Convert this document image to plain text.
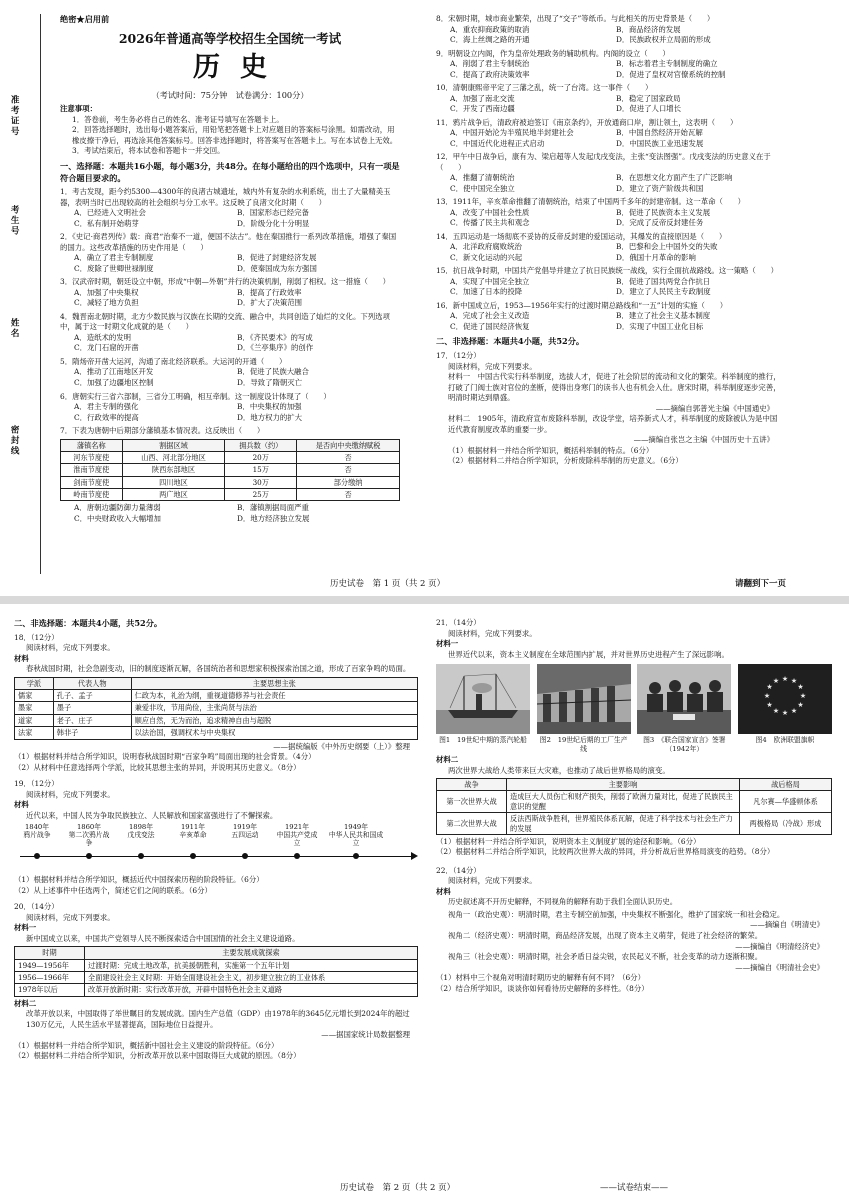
准考证号
考生号
姓名
密封线
绝密★启用前
2026年普通高等学校招生全国统一考试
历史
（考试时间：75分钟　试卷满分：100分）
注意事项：
1．答卷前，考生务必将自己的姓名、准考证号填写在答题卡上。
2．回答选择题时，选出每小题答案后，用铅笔把答题卡上对应题目的答案标号涂黑。如需改动，用橡皮擦干净后，再选涂其他答案标号。回答非选择题时，将答案写在答题卡上。写在本试卷上无效。
3．考试结束后，将本试卷和答题卡一并交回。
一、选择题：本题共16小题，每小题3分，共48分。在每小题给出的四个选项中，只有一项是符合题目要求的。
1．考古发现，距今约5300—4300年的良渚古城遗址，城内外有复杂的水利系统，出土了大量精美玉器，表明当时已出现较高的社会组织与分工水平。这反映了良渚文化时期（　　）
A．已经进入文明社会	B．国家形态已经完备
C．私有制开始萌芽	D．阶级分化十分明显
2．《史记·商君列传》载：商君“治秦不一道，便国不法古”。他在秦国推行一系列改革措施，增强了秦国的国力。这些改革措施的历史作用是（　　）
A．确立了君主专制制度	B．促进了封建经济发展
C．废除了世卿世禄制度	D．使秦国成为东方强国
3．汉武帝时期，朝廷设立中朝，形成“中朝—外朝”并行的决策机制，削弱了相权。这一措施（　　）
A．加强了中央集权	B．提高了行政效率
C．减轻了地方负担	D．扩大了决策范围
4．魏晋南北朝时期，北方少数民族与汉族在长期的交流、融合中，共同创造了灿烂的文化。下列选项中，属于这一时期文化成就的是（　　）
A．造纸术的发明	B．《齐民要术》的写成
C．龙门石窟的开凿	D．《兰亭集序》的创作
5．隋炀帝开凿大运河，沟通了南北经济联系。大运河的开通（　　）
A．推动了江南地区开发	B．促进了民族大融合
C．加强了边疆地区控制	D．导致了隋朝灭亡
6．唐朝实行三省六部制，三省分工明确，相互牵制。这一制度设计体现了（　　）
A．君主专制的强化	B．中央集权的加强
C．行政效率的提高	D．地方权力的扩大
7．下表为唐朝中后期部分藩镇基本情况表。这反映出（　　）
藩镇名称	割据区域	拥兵数（约）	是否向中央缴纳赋税
河东节度使	山西、河北部分地区	20万	否
淮南节度使	陕西东部地区	15万	否
剑南节度使	四川地区	30万	部分缴纳
岭南节度使	两广地区	25万	否
A．唐朝边疆防御力量薄弱	B．藩镇割据局面严重
C．中央财政收入大幅增加	D．地方经济独立发展
8．宋朝时期，城市商业繁荣，出现了“交子”等纸币。与此相关的历史背景是（　　）
A．重农抑商政策的取消	B．商品经济的发展
C．海上丝绸之路的开通	D．民族政权并立局面的形成
9．明朝设立内阁，作为皇帝处理政务的辅助机构。内阁的设立（　　）
A．削弱了君主专制统治	B．标志着君主专制制度的确立
C．提高了政府决策效率	D．促进了皇权对官僚系统的控制
10．清朝康熙帝平定了三藩之乱，统一了台湾。这一事件（　　）
A．加强了南北交流	B．稳定了国家政局
C．开发了西南边疆	D．促进了人口增长
11．鸦片战争后，清政府被迫签订《南京条约》，开放通商口岸，割让领土，这表明（　　）
A．中国开始沦为半殖民地半封建社会	B．中国自然经济开始瓦解
C．中国近代化进程正式启动	D．中国民族工业迅速发展
12．甲午中日战争后，康有为、梁启超等人发起戊戌变法，主张“变法图强”。戊戌变法的历史意义在于（　　）
A．推翻了清朝统治	B．在思想文化方面产生了广泛影响
C．使中国完全独立	D．建立了资产阶级共和国
13．1911年，辛亥革命推翻了清朝统治，结束了中国两千多年的封建帝制。这一革命（　　）
A．改变了中国社会性质	B．促进了民族资本主义发展
C．传播了民主共和观念	D．完成了反帝反封建任务
14．五四运动是一场彻底不妥协的反帝反封建的爱国运动，其爆发的直接原因是（　　）
A．北洋政府腐败统治	B．巴黎和会上中国外交的失败
C．新文化运动的兴起	D．俄国十月革命的影响
15．抗日战争时期，中国共产党倡导并建立了抗日民族统一战线，实行全面抗战路线。这一策略（　　）
A．实现了中国完全独立	B．促进了国共两党合作抗日
C．加速了日本的投降	D．建立了人民民主专政制度
16．新中国成立后，1953—1956年实行的过渡时期总路线和“一五”计划的实施（　　）
A．完成了社会主义改造	B．建立了社会主义基本制度
C．促进了国民经济恢复	D．实现了中国工业化目标
二、非选择题：本题共4小题，共52分。
17．（12分）
阅读材料，完成下列要求。
材料一　中国古代实行科举制度，选拔人才，促进了社会阶层的流动和文化的繁荣。科举制度的推行，打破了门阀士族对官位的垄断，使得出身寒门的读书人也有机会入仕。唐宋时期，科举制度逐步完善，明清时期达到鼎盛。
——摘编自郭普光主编《中国通史》
材料二　1905年，清政府宣布废除科举制，改设学堂，培养新式人才，科举制度的废除被认为是中国近代教育制度改革的重要一步。
——摘编自张岂之主编《中国历史十五讲》
（1）根据材料一并结合所学知识，概括科举制的特点。（6分）
（2）根据材料二并结合所学知识，分析废除科举制的历史意义。（6分）
历史试卷　第 1 页（共 2 页）	请翻到下一页
二、非选择题：本题共4小题，共52分。
18．（12分）
阅读材料，完成下列要求。
材料
春秋战国时期，社会急剧变动，旧的制度逐渐瓦解，各国统治者和思想家积极探索治国之道，形成了百家争鸣的局面。
学派	代表人物	主要思想主张
儒家	孔子、孟子	仁政为本，礼治为纲，重视道德修养与社会责任
墨家	墨子	兼爱非攻，节用尚俭，主张尚贤与法治
道家	老子、庄子	顺应自然，无为而治，追求精神自由与超脱
法家	韩非子	以法治国，强调权术与中央集权
——据统编版《中外历史纲要（上）》整理
（1）根据材料并结合所学知识，说明春秋战国时期“百家争鸣”局面出现的社会背景。（4分）
（2）从材料中任意选择两个学派，比较其思想主张的异同，并说明其历史意义。（8分）
19．（12分）
阅读材料，完成下列要求。
材料
近代以来，中国人民为争取民族独立、人民解放和国家富强进行了不懈探索。
1840年
鸦片战争
1860年
第二次鸦片战争
1898年
戊戌变法
1911年
辛亥革命
1919年
五四运动
1921年
中国共产党成立
1949年
中华人民共和国成立
（1）根据材料并结合所学知识，概括近代中国探索历程的阶段特征。（6分）
（2）从上述事件中任选两个，简述它们之间的联系。（6分）
20．（14分）
阅读材料，完成下列要求。
材料一
新中国成立以来，中国共产党领导人民不断探索适合中国国情的社会主义建设道路。
时期	主要发展成就探索
1949—1956年	过渡时期：完成土地改革，抗美援朝胜利，实施第一个五年计划
1956—1966年	全面建设社会主义时期：开始全面建设社会主义，初步建立独立的工业体系
1978年以后	改革开放新时期：实行改革开放，开辟中国特色社会主义道路
材料二
改革开放以来，中国取得了举世瞩目的发展成就。国内生产总值（GDP）由1978年的3645亿元增长到2024年的超过130万亿元，人民生活水平显著提高，国际地位日益提升。
——据国家统计局数据整理
（1）根据材料一并结合所学知识，概括新中国社会主义建设的阶段特征。（6分）
（2）根据材料二并结合所学知识，分析改革开放以来中国取得巨大成就的原因。（8分）
21．（14分）
阅读材料，完成下列要求。
材料一
世界近代以来，资本主义制度在全球范围内扩展，并对世界历史进程产生了深远影响。
图1　19世纪中期的蒸汽轮船	图2　19世纪后期的工厂生产线
图3　《联合国家宣言》签署（1942年）
★ ★
★
★
★
★
★
★
★
★
★
★
图4　欧洲联盟旗帜
材料二
两次世界大战给人类带来巨大灾难，也推动了战后世界格局的演变。
战争	主要影响	战后格局
第一次世界大战	造成巨大人员伤亡和财产损失，削弱了欧洲力量对比，促进了民族民主意识的觉醒	凡尔赛—华盛顿体系
第二次世界大战	反法西斯战争胜利，世界殖民体系瓦解，促进了科学技术与社会生产力的发展	两极格局（冷战）形成
（1）根据材料一并结合所学知识，说明资本主义制度扩展的途径和影响。（6分）
（2）根据材料二并结合所学知识，比较两次世界大战的异同，并分析战后世界格局演变的趋势。（8分）
22．（14分）
阅读材料，完成下列要求。
材料
历史叙述离不开历史解释，不同视角的解释有助于我们全面认识历史。
视角一（政治史观）：明清时期，君主专制空前加强，中央集权不断强化，维护了国家统一和社会稳定。
——摘编自《明清史》
视角二（经济史观）：明清时期，商品经济发展，出现了资本主义萌芽，促进了社会经济的繁荣。
——摘编自《明清经济史》
视角三（社会史观）：明清时期，社会矛盾日益尖锐，农民起义不断，社会变革的动力逐渐积聚。
——摘编自《明清社会史》
（1）材料中三个视角对明清时期历史的解释有何不同？（6分）
（2）结合所学知识，谈谈你如何看待历史解释的多样性。（8分）
历史试卷　第 2 页（共 2 页）	——试卷结束——
